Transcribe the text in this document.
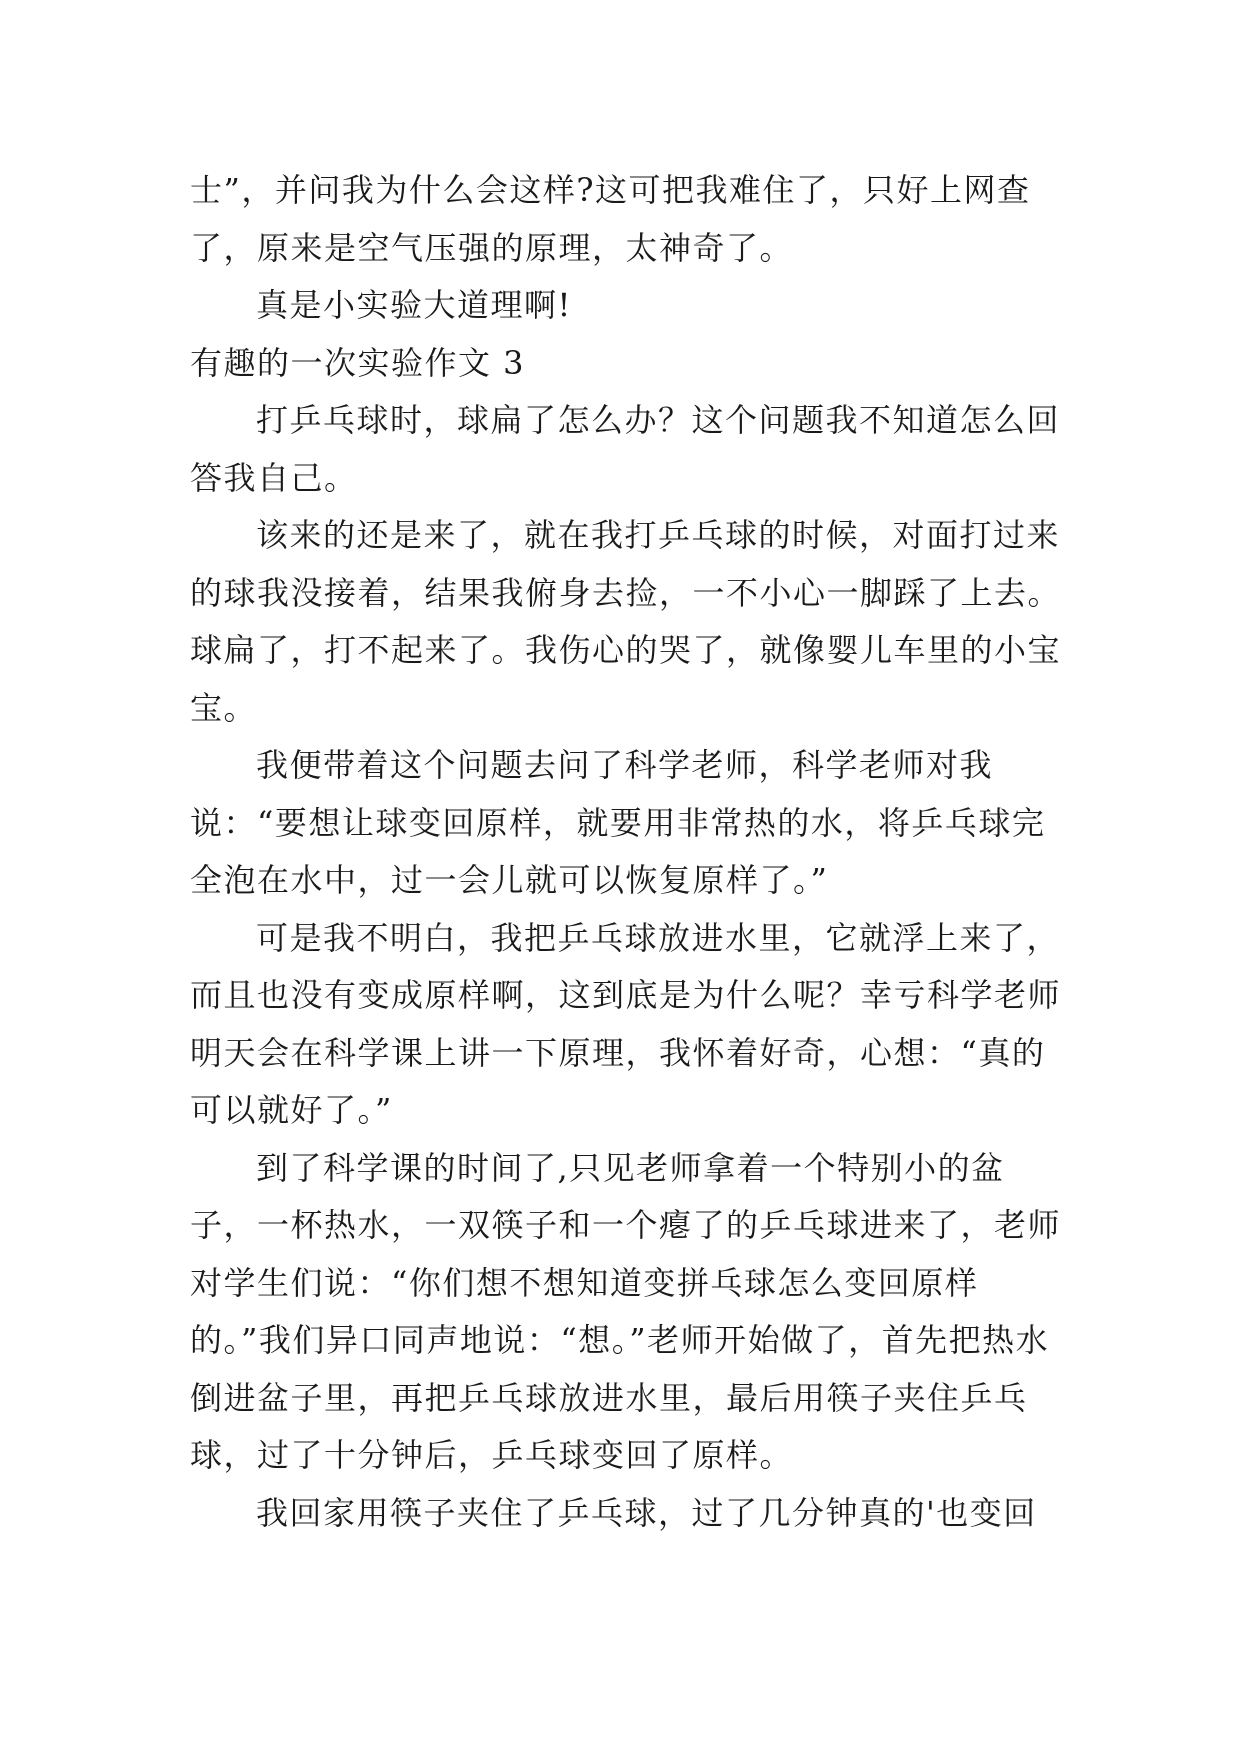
士”，并问我为什么会这样?这可把我难住了，只好上网查了，原来是空气压强的原理，太神奇了。

真是小实验大道理啊!

有趣的一次实验作文 3

打乒乓球时，球扁了怎么办？这个问题我不知道怎么回答我自己。

该来的还是来了，就在我打乒乓球的时候，对面打过来的球我没接着，结果我俯身去捡，一不小心一脚踩了上去。球扁了，打不起来了。我伤心的哭了，就像婴儿车里的小宝宝。

我便带着这个问题去问了科学老师，科学老师对我说：“要想让球变回原样，就要用非常热的水，将乒乓球完全泡在水中，过一会儿就可以恢复原样了。”

可是我不明白，我把乒乓球放进水里，它就浮上来了，而且也没有变成原样啊，这到底是为什么呢？幸亏科学老师明天会在科学课上讲一下原理，我怀着好奇，心想：“真的可以就好了。”

到了科学课的时间了,只见老师拿着一个特别小的盆子，一杯热水，一双筷子和一个瘪了的乒乓球进来了，老师对学生们说：“你们想不想知道变拼乓球怎么变回原样的。”我们异口同声地说：“想。”老师开始做了，首先把热水倒进盆子里，再把乒乓球放进水里，最后用筷子夹住乒乓球，过了十分钟后，乒乓球变回了原样。

我回家用筷子夹住了乒乓球，过了几分钟真的'也变回
